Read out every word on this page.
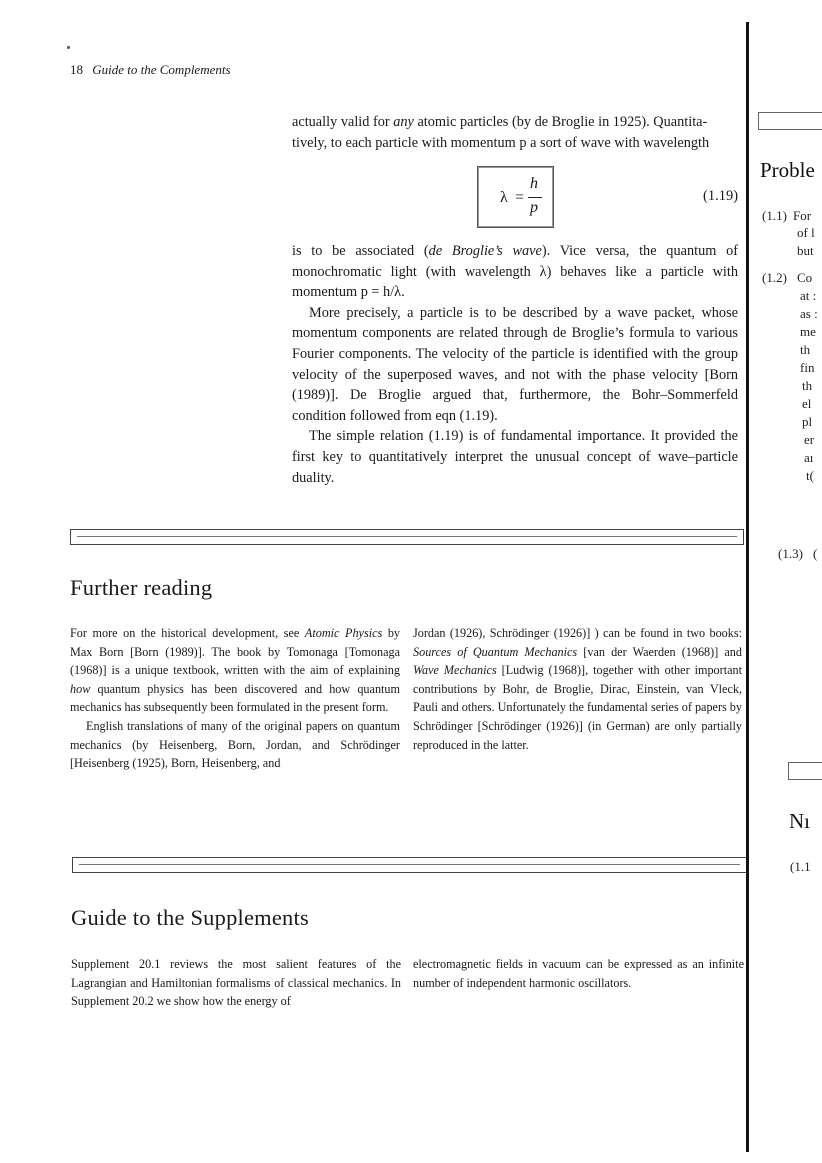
18 Guide to the Complements
actually valid for any atomic particles (by de Broglie in 1925). Quantita-
tively, to each particle with momentum p a sort of wave with wavelength
λ =
h
p
(1.19)
is to be associated (de Broglie’s wave). Vice versa, the quantum of monochromatic light (with wavelength λ) behaves like a particle with momentum p = h/λ.
More precisely, a particle is to be described by a wave packet, whose momentum components are related through de Broglie’s formula to various Fourier components. The velocity of the particle is identified with the group velocity of the superposed waves, and not with the phase velocity [Born (1989)]. De Broglie argued that, furthermore, the Bohr–Sommerfeld condition followed from eqn (1.19).
The simple relation (1.19) is of fundamental importance. It provided the first key to quantitatively interpret the unusual concept of wave–particle duality.
Further reading
For more on the historical development, see Atomic Physics by Max Born [Born (1989)]. The book by Tomonaga [Tomonaga (1968)] is a unique textbook, written with the aim of explaining how quantum physics has been discovered and how quantum mechanics has subsequently been formulated in the present form.
English translations of many of the original papers on quantum mechanics (by Heisenberg, Born, Jordan, and Schrödinger [Heisenberg (1925), Born, Heisenberg, and
Jordan (1926), Schrödinger (1926)] ) can be found in two books: Sources of Quantum Mechanics [van der Waerden (1968)] and Wave Mechanics [Ludwig (1968)], together with other important contributions by Bohr, de Broglie, Dirac, Einstein, van Vleck, Pauli and others. Unfortunately the fundamental series of papers by Schrödinger [Schrödinger (1926)] (in German) are only partially reproduced in the latter.
Guide to the Supplements
Supplement 20.1 reviews the most salient features of the Lagrangian and Hamiltonian formalisms of classical mechanics. In Supplement 20.2 we show how the energy of
electromagnetic fields in vacuum can be expressed as an infinite number of independent harmonic oscillators.
Proble
(1.1) For
of l
but
(1.2) Co
at :
as :
me
th
fin
th
el
pl
er
aı
t(
(1.3) (
Nı
(1.1
